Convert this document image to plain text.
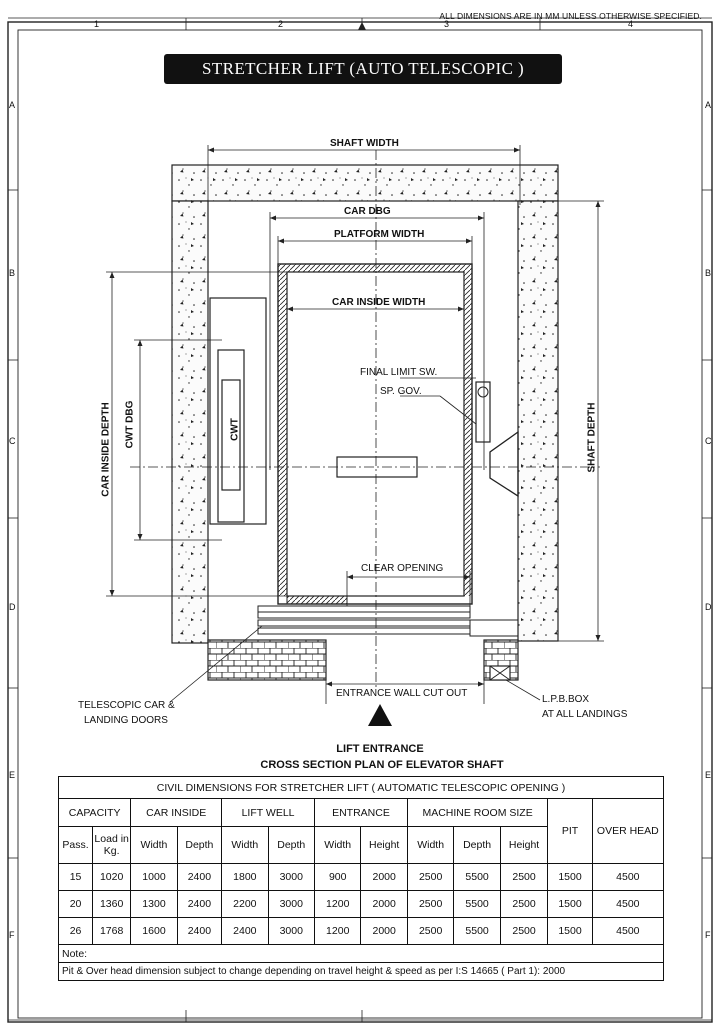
ALL DIMENSIONS ARE IN MM UNLESS OTHERWISE SPECIFIED.
1	2	3	4
A
B
C
D
E
F
A
B
C
D
E
F
STRETCHER LIFT (AUTO TELESCOPIC )
SHAFT WIDTH
CAR DBG
PLATFORM WIDTH
CAR INSIDE WIDTH
FINAL LIMIT SW.
SP. GOV.
CWT
CWT DBG
CAR INSIDE DEPTH	SHAFT DEPTH
CLEAR OPENING
ENTRANCE WALL CUT OUT
TELESCOPIC CAR &
LANDING DOORS
L.P.B.BOX
AT ALL LANDINGS
LIFT ENTRANCE
CROSS SECTION PLAN OF ELEVATOR SHAFT
CIVIL DIMENSIONS FOR STRETCHER LIFT ( AUTOMATIC TELESCOPIC OPENING )												
CAPACITY		CAR INSIDE		LIFT WELL		ENTRANCE		MACHINE ROOM SIZE			PIT	OVER HEAD
Pass.	Load in Kg.	Width	Depth	Width	Depth	Width	Height	Width	Depth	Height		
15	1020	1000	2400	1800	3000	900	2000	2500	5500	2500	1500	4500
20	1360	1300	2400	2200	3000	1200	2000	2500	5500	2500	1500	4500
26	1768	1600	2400	2400	3000	1200	2000	2500	5500	2500	1500	4500
Note:												
Pit & Over head dimension subject to change depending on travel height & speed as per I:S 14665 ( Part 1): 2000												
